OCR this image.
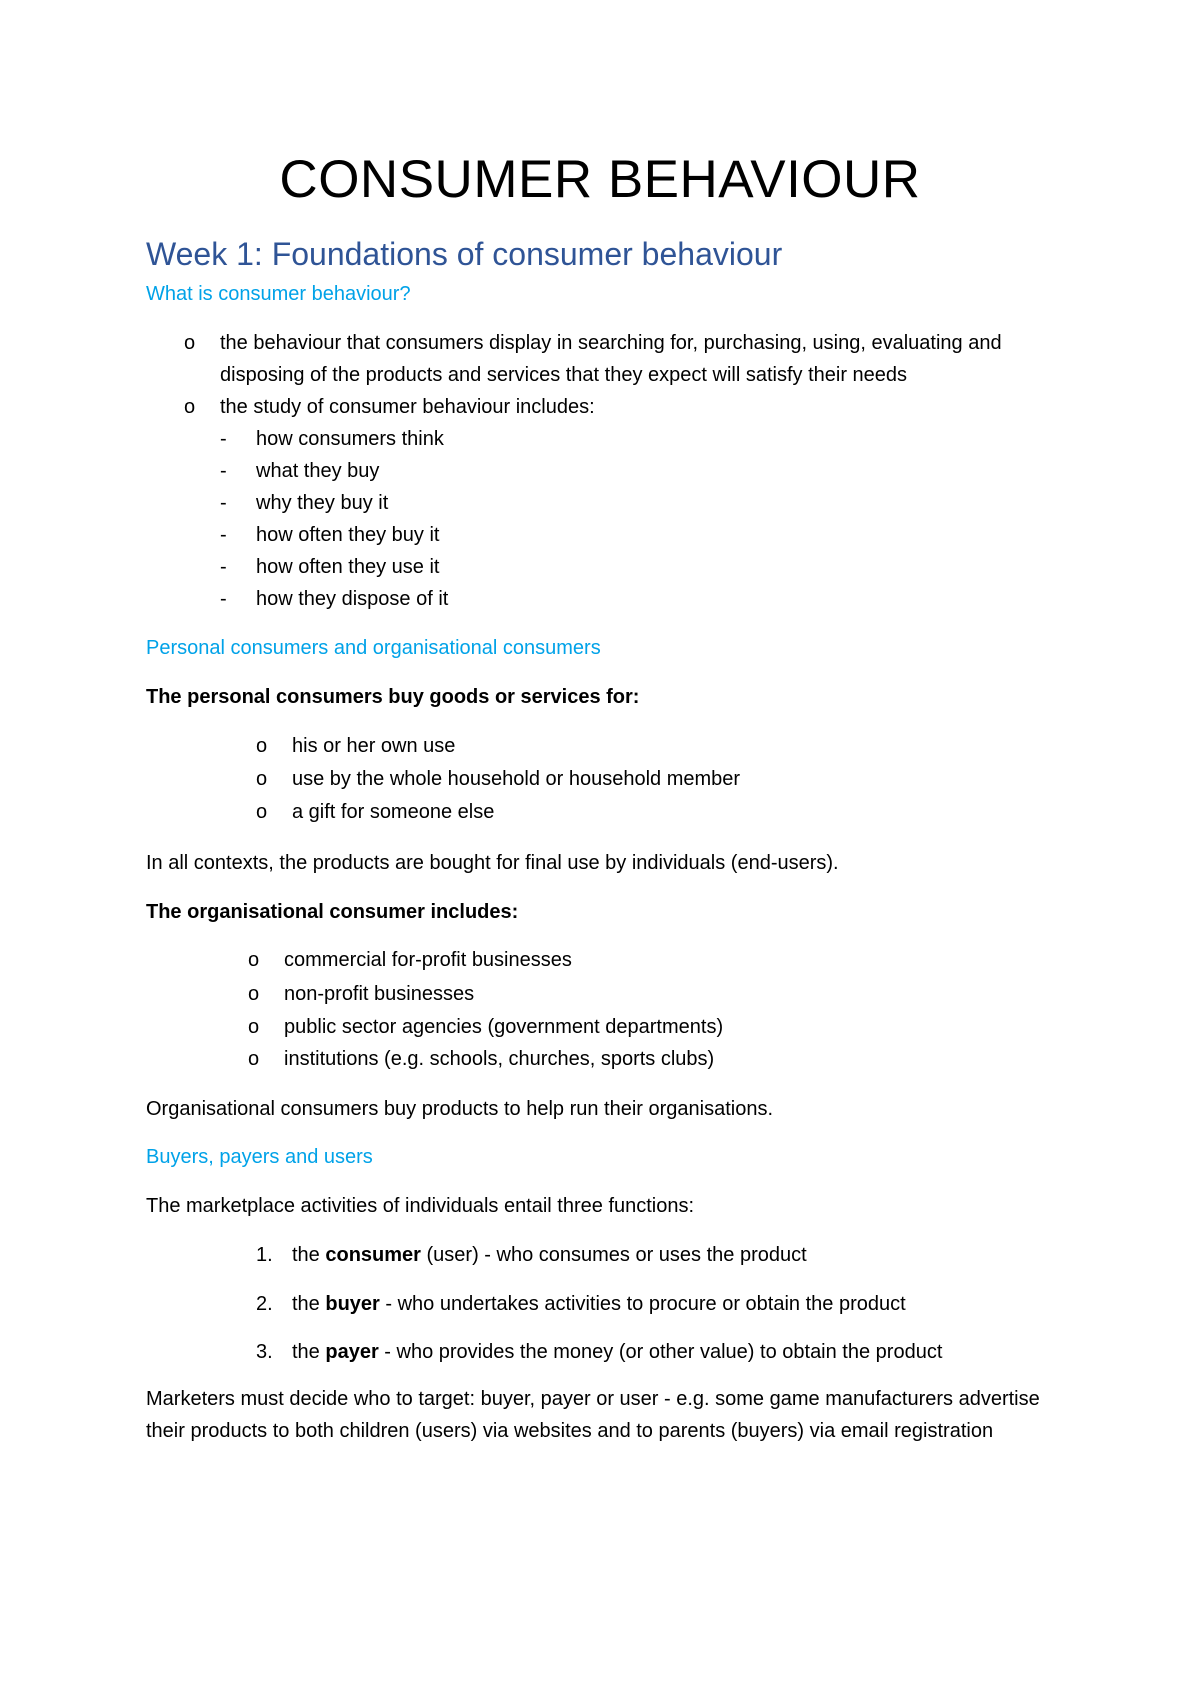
CONSUMER BEHAVIOUR
Week 1: Foundations of consumer behaviour
What is consumer behaviour?
o the behaviour that consumers display in searching for, purchasing, using, evaluating and disposing of the products and services that they expect will satisfy their needs
o the study of consumer behaviour includes:
- how consumers think
- what they buy
- why they buy it
- how often they buy it
- how often they use it
- how they dispose of it
Personal consumers and organisational consumers

The personal consumers buy goods or services for:

o his or her own use
o use by the whole household or household member
o a gift for someone else

In all contexts, the products are bought for final use by individuals (end-users).

The organisational consumer includes:

o commercial for-profit businesses
o non-profit businesses
o public sector agencies (government departments)
o institutions (e.g. schools, churches, sports clubs)

Organisational consumers buy products to help run their organisations.

Buyers, payers and users

The marketplace activities of individuals entail three functions:

1. the consumer (user) - who consumes or uses the product
2. the buyer - who undertakes activities to procure or obtain the product
3. the payer - who provides the money (or other value) to obtain the product
Marketers must decide who to target: buyer, payer or user - e.g. some game manufacturers advertise their products to both children (users) via websites and to parents (buyers) via email registration
